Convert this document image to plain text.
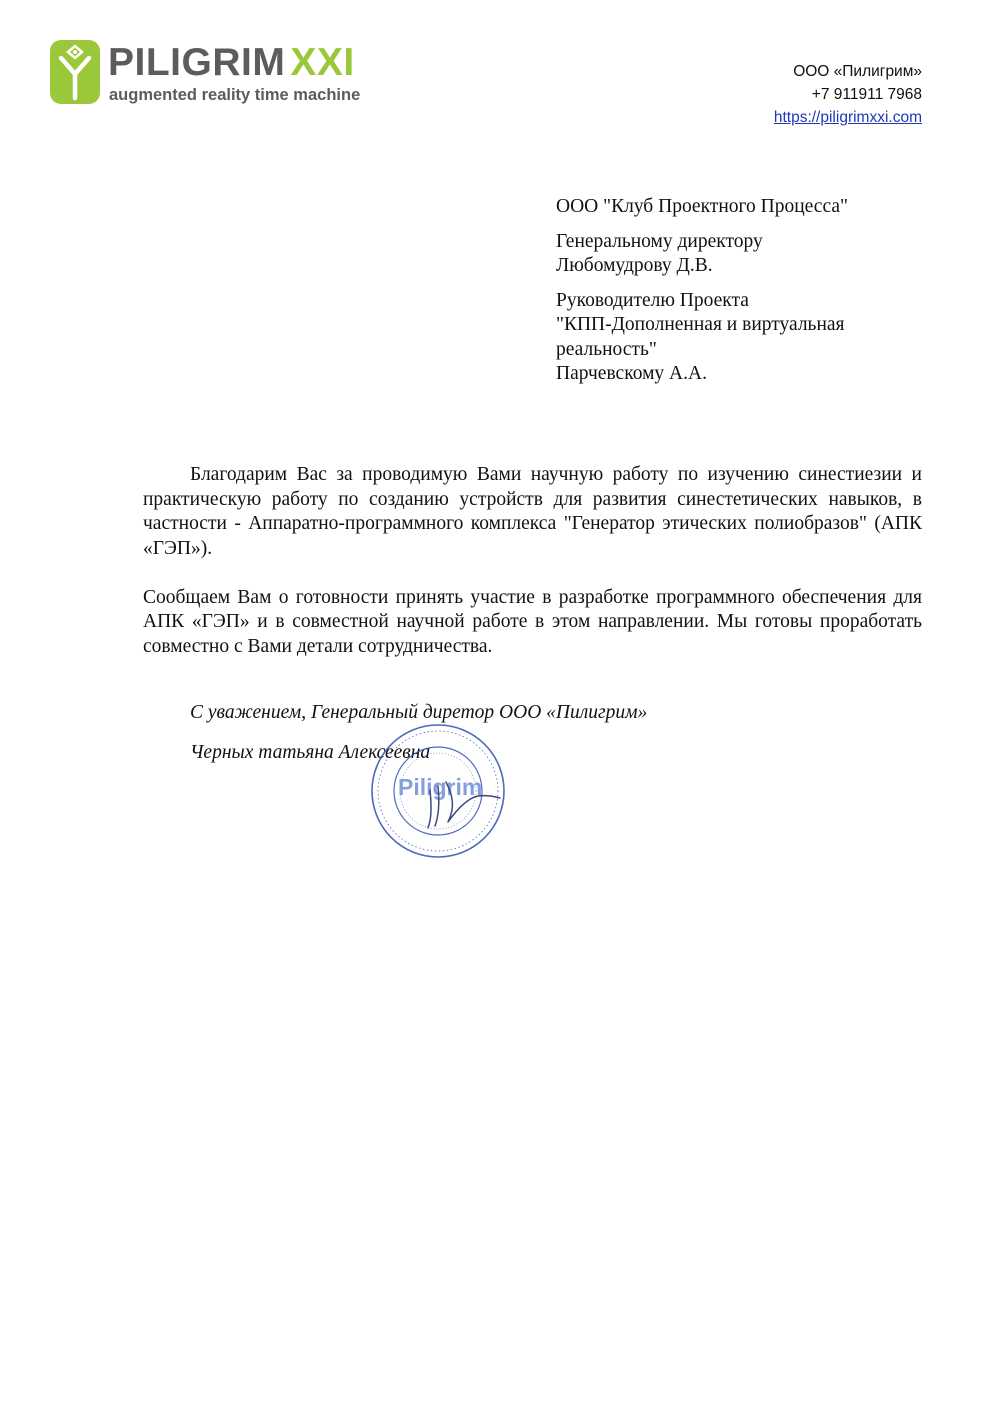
PILIGRIM XXI
augmented reality time machine
ООО «Пилигрим»
+7 911911 7968
https://piligrimxxi.com

ООО "Клуб Проектного Процесса"

Генеральному директору
Любомудрову Д.В.

Руководителю Проекта
"КПП-Дополненная и виртуальная
реальность"
Парчевскому А.А.

Благодарим Вас за проводимую Вами научную работу по изучению синестиезии и практическую работу по созданию устройств для развития синестетических навыков, в частности - Аппаратно-программного комплекса "Генератор этических полиобразов" (АПК «ГЭП»).

Сообщаем Вам о готовности принять участие в разработке программного обеспечения для АПК «ГЭП» и в совместной научной работе в этом направлении. Мы готовы проработать совместно с Вами детали сотрудничества.

С уважением, Генеральный диретор ООО «Пилигрим»
Черных татьяна Алексеевна
Piligrim
